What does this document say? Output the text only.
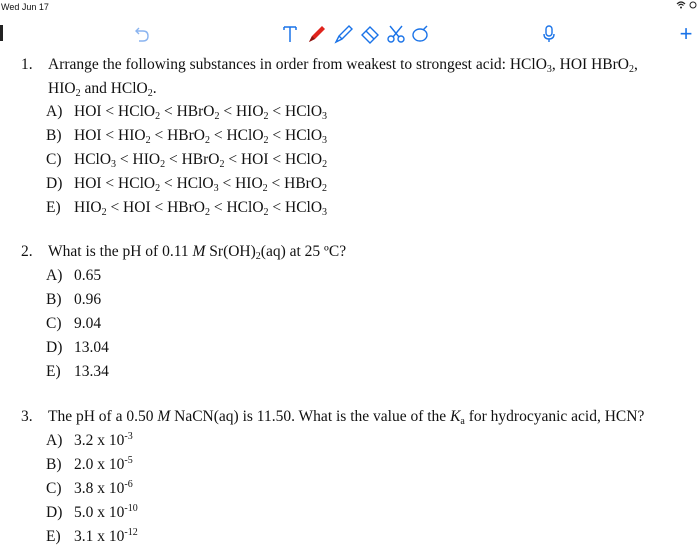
Wed Jun 17

+
1. Arrange the following substances in order from weakest to strongest acid: HClO$_3$, HOI HBrO$_2$,
$HIO_2$ and HClO$_2$.
A) HOI < HClO$_2$ < HBrO$_2$ < $HIO_2$ < HClO$_3$
B) HOI < $HIO_2$ < HBrO$_2$ < HClO$_2$ < HClO$_3$
C) HClO$_3$ < $HIO_2$ < HBrO$_2$ < HOI < HClO$_2$
D) HOI < HClO$_2$ < HClO$_3$ < $HIO_2$ < HBrO$_2$
E) $HIO_2$ < HOI < HBrO$_2$ < HClO$_2$ < HClO$_3$
2. What is the pH of 0.11 M $Sr(OH)_2(aq)$ at 25 ºC?
A) 0.65
B) 0.96
C) 9.04
D) 13.04
E) 13.34
3. The pH of a 0.50 M NaCN(aq) is 11.50. What is the value of the $K_a$ for hydrocyanic acid, HCN?
A) 3.2 x $10^{-3}$
B) 2.0 x $10^{-5}$
C) 3.8 x $10^{-6}$
D) 5.0 x $10^{-10}$
E) 3.1 x $10^{-12}$
